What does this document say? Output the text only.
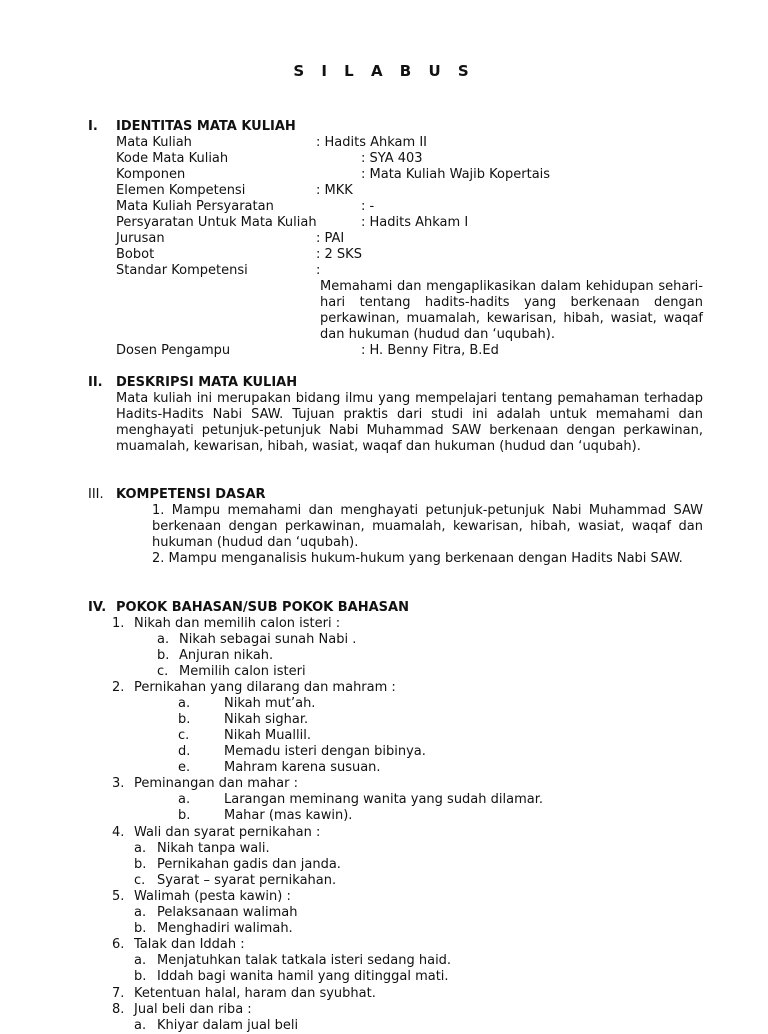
S I L A B U S
I. IDENTITAS MATA KULIAH
Mata Kuliah	: Hadits Ahkam II
Kode Mata Kuliah	: SYA 403
Komponen	: Mata Kuliah Wajib Kopertais
Elemen Kompetensi	: MKK
Mata Kuliah Persyaratan	: -
Persyaratan Untuk Mata Kuliah	: Hadits Ahkam I
Jurusan	: PAI
Bobot	: 2 SKS
Standar Kompetensi	:
Memahami dan mengaplikasikan dalam kehidupan sehari-hari tentang hadits-hadits yang berkenaan dengan perkawinan, muamalah, kewarisan, hibah, wasiat, waqaf dan hukuman (hudud dan ‘uqubah).
Dosen Pengampu	: H. Benny Fitra, B.Ed
II. DESKRIPSI MATA KULIAH
Mata kuliah ini merupakan bidang ilmu yang mempelajari tentang pemahaman terhadap Hadits-Hadits Nabi SAW. Tujuan praktis dari studi ini adalah untuk memahami dan menghayati petunjuk-petunjuk Nabi Muhammad SAW berkenaan dengan perkawinan, muamalah, kewarisan, hibah, wasiat, waqaf dan hukuman (hudud dan ‘uqubah).
III. KOMPETENSI DASAR
1. Mampu memahami dan menghayati petunjuk-petunjuk Nabi Muhammad SAW berkenaan dengan perkawinan, muamalah, kewarisan, hibah, wasiat, waqaf dan hukuman (hudud dan ‘uqubah).
2. Mampu menganalisis hukum-hukum yang berkenaan dengan Hadits Nabi SAW.
IV. POKOK BAHASAN/SUB POKOK BAHASAN
1. Nikah dan memilih calon isteri :
a. Nikah sebagai sunah Nabi .
b. Anjuran nikah.
c. Memilih calon isteri
2. Pernikahan yang dilarang dan mahram :
a.	Nikah mut’ah.
b.	Nikah sighar.
c.	Nikah Muallil.
d.	Memadu isteri dengan bibinya.
e.	Mahram karena susuan.
3. Peminangan dan mahar :
a.	Larangan meminang wanita yang sudah dilamar.
b.	Mahar (mas kawin).
4. Wali dan syarat pernikahan :
a. Nikah tanpa wali.
b. Pernikahan gadis dan janda.
c. Syarat – syarat pernikahan.
5. Walimah (pesta kawin) :
a. Pelaksanaan walimah
b. Menghadiri walimah.
6. Talak dan Iddah :
a. Menjatuhkan talak tatkala isteri sedang haid.
b. Iddah bagi wanita hamil yang ditinggal mati.
7. Ketentuan halal, haram dan syubhat.
8. Jual beli dan riba :
a. Khiyar dalam jual beli
